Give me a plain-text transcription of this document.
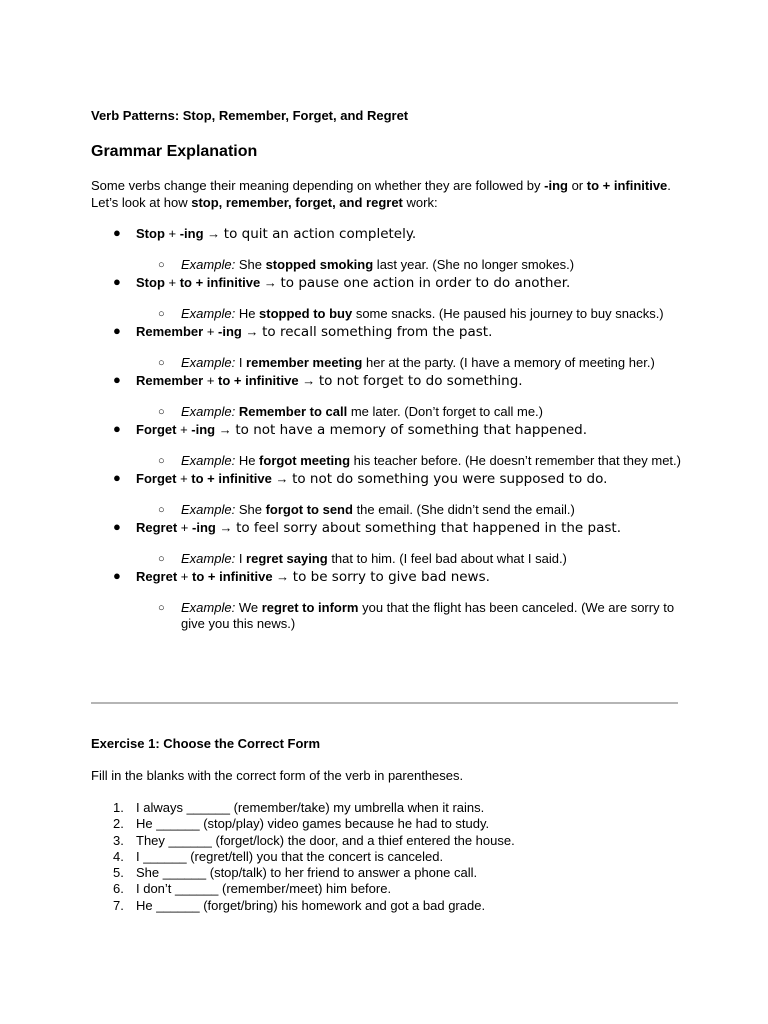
Verb Patterns: Stop, Remember, Forget, and Regret
Grammar Explanation
Some verbs change their meaning depending on whether they are followed by -ing or to + infinitive. Let’s look at how stop, remember, forget, and regret work:
● Stop + -ing → to quit an action completely.
○ Example: She stopped smoking last year. (She no longer smokes.)
● Stop + to + infinitive → to pause one action in order to do another.
○ Example: He stopped to buy some snacks. (He paused his journey to buy snacks.)
● Remember + -ing → to recall something from the past.
○ Example: I remember meeting her at the party. (I have a memory of meeting her.)
● Remember + to + infinitive → to not forget to do something.
○ Example: Remember to call me later. (Don’t forget to call me.)
● Forget + -ing → to not have a memory of something that happened.
○ Example: He forgot meeting his teacher before. (He doesn’t remember that they met.)
● Forget + to + infinitive → to not do something you were supposed to do.
○ Example: She forgot to send the email. (She didn’t send the email.)
● Regret + -ing → to feel sorry about something that happened in the past.
○ Example: I regret saying that to him. (I feel bad about what I said.)
● Regret + to + infinitive → to be sorry to give bad news.
○ Example: We regret to inform you that the flight has been canceled. (We are sorry to give you this news.)
Exercise 1: Choose the Correct Form
Fill in the blanks with the correct form of the verb in parentheses.
1. I always ______ (remember/take) my umbrella when it rains.
2. He ______ (stop/play) video games because he had to study.
3. They ______ (forget/lock) the door, and a thief entered the house.
4. I ______ (regret/tell) you that the concert is canceled.
5. She ______ (stop/talk) to her friend to answer a phone call.
6. I don’t ______ (remember/meet) him before.
7. He ______ (forget/bring) his homework and got a bad grade.
